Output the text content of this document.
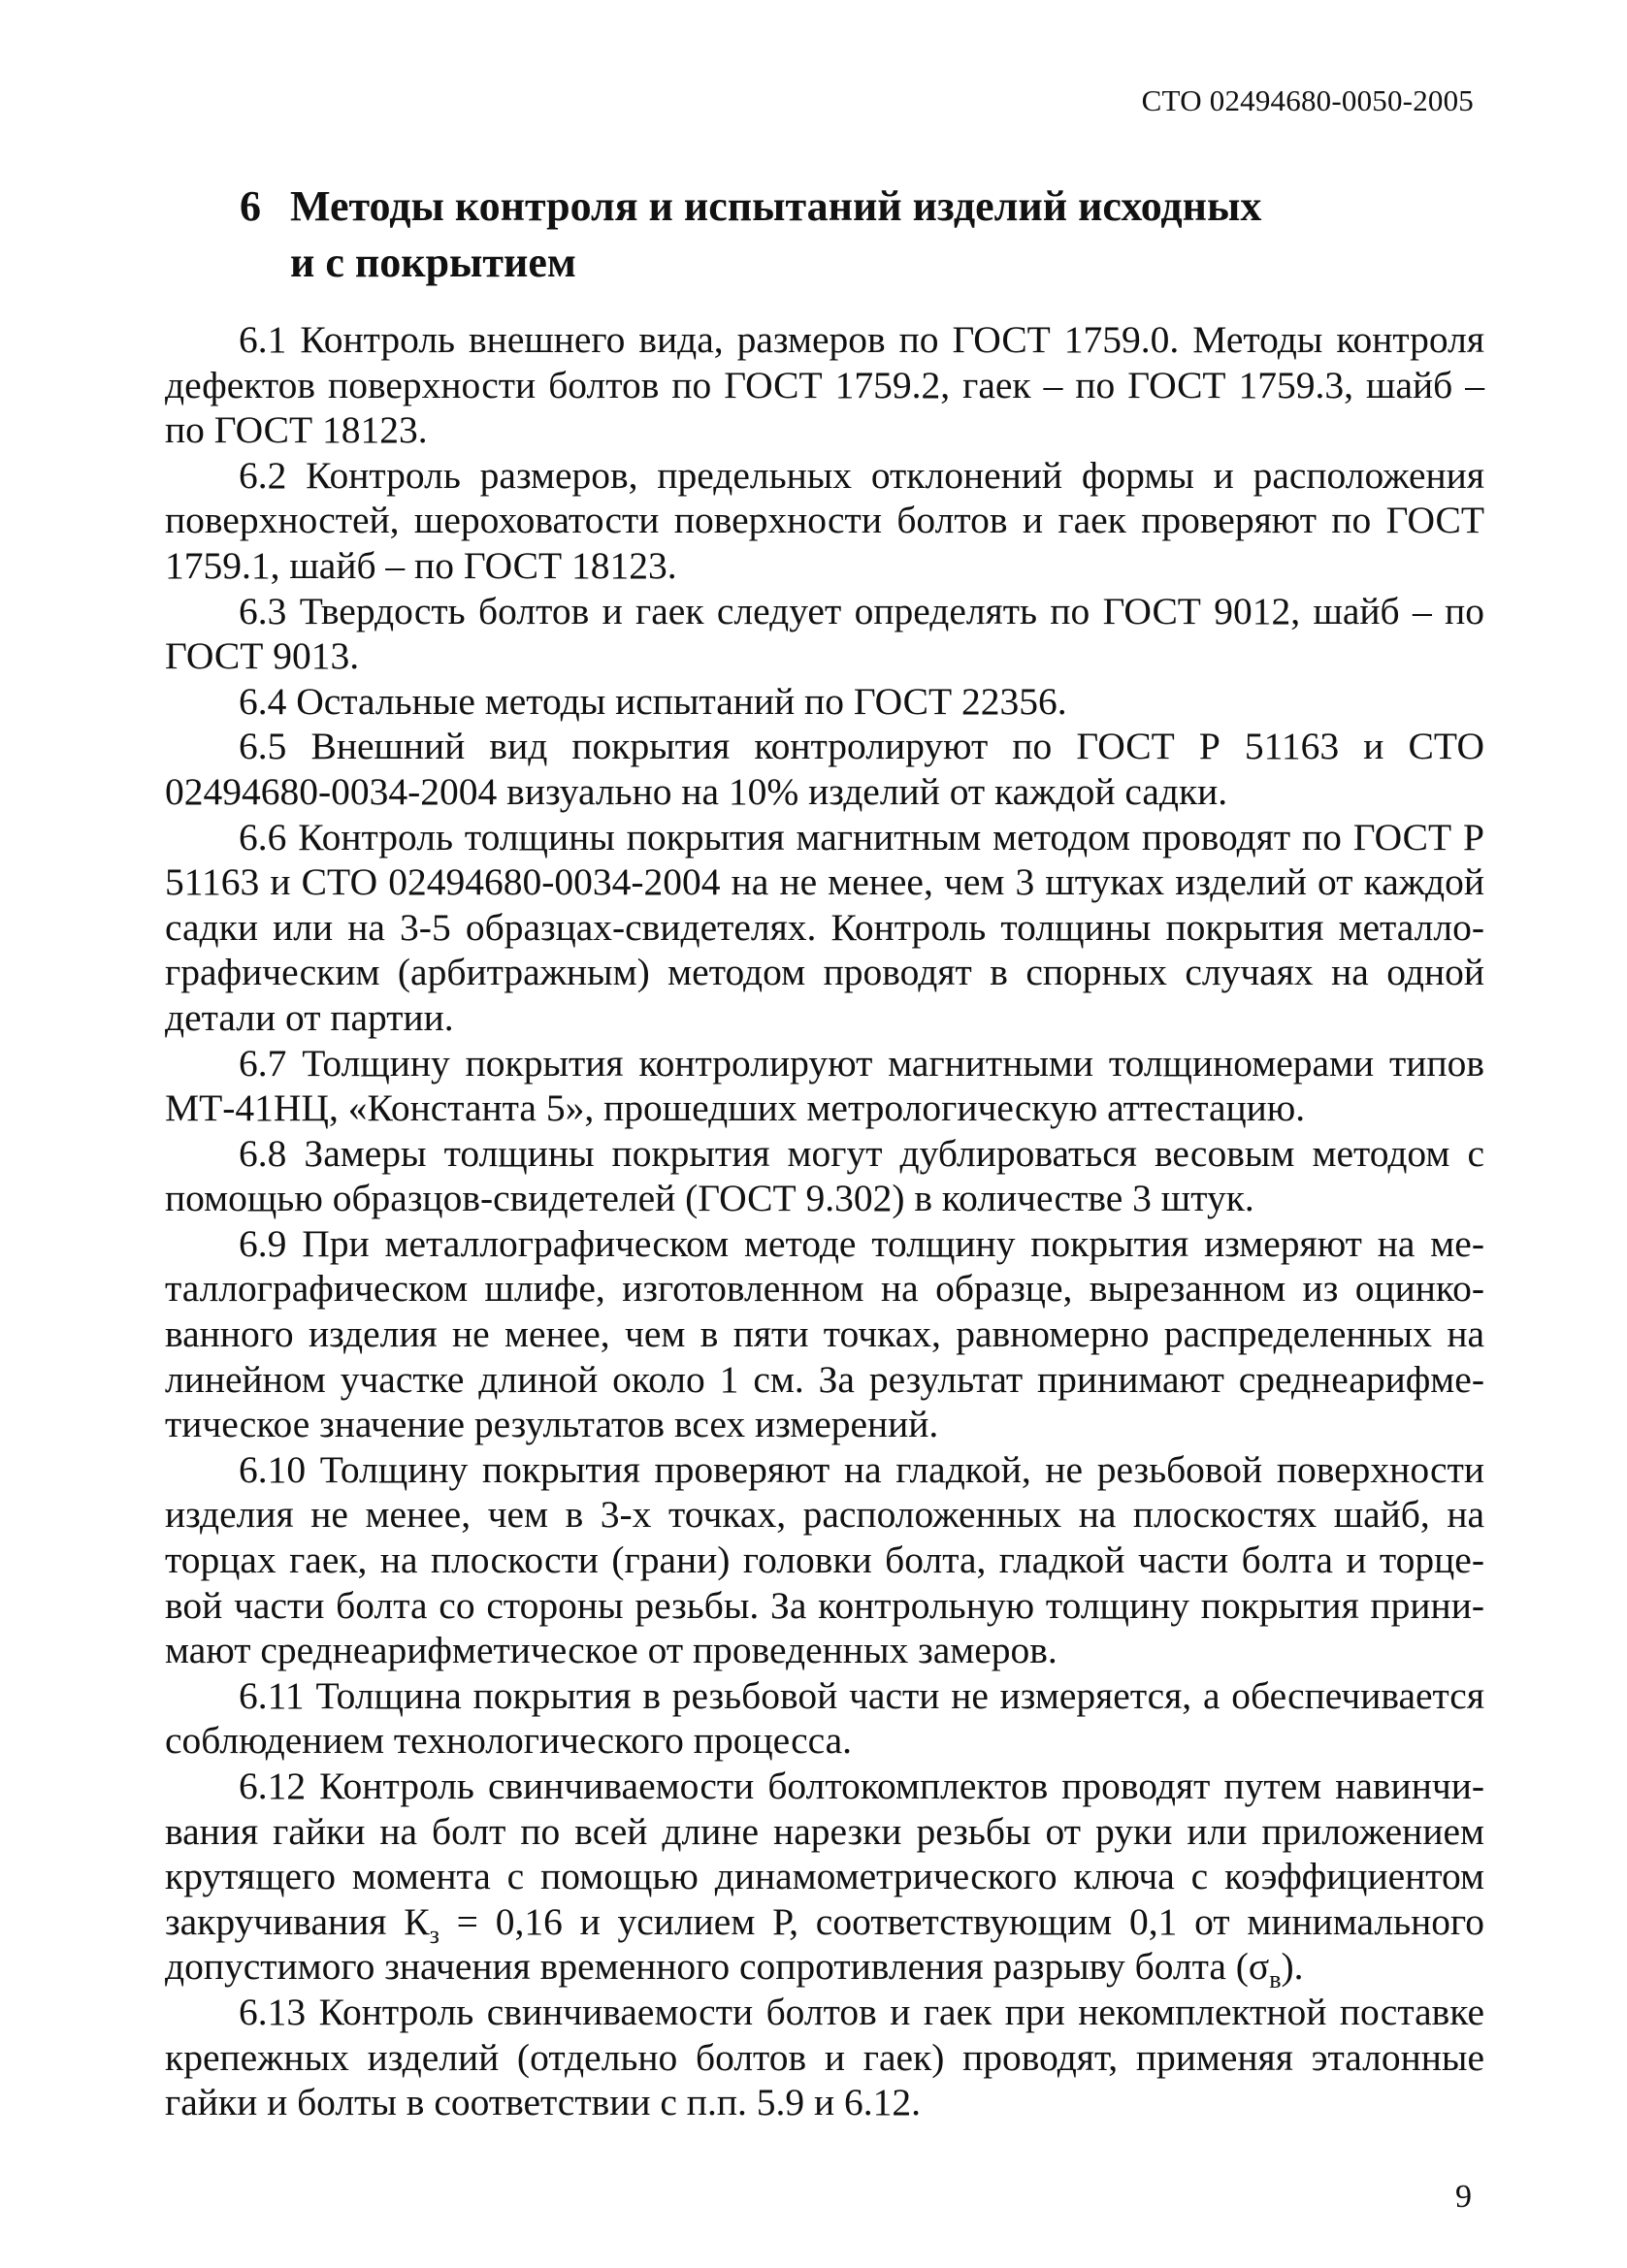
СТО 02494680-0050-2005
6 Методы контроля и испытаний изделий исходных
и с покрытием

6.1 Контроль внешнего вида, размеров по ГОСТ 1759.0. Методы контроля дефектов поверхности болтов по ГОСТ 1759.2, гаек – по ГОСТ 1759.3, шайб – по ГОСТ 18123.

6.2 Контроль размеров, предельных отклонений формы и расположения поверхностей, шероховатости поверхности болтов и гаек проверяют по ГОСТ 1759.1, шайб – по ГОСТ 18123.

6.3 Твердость болтов и гаек следует определять по ГОСТ 9012, шайб – по ГОСТ 9013.

6.4 Остальные методы испытаний по ГОСТ 22356.

6.5 Внешний вид покрытия контролируют по ГОСТ Р 51163 и СТО 02494680-0034-2004 визуально на 10% изделий от каждой садки.

6.6 Контроль толщины покрытия магнитным методом проводят по ГОСТ Р 51163 и СТО 02494680-0034-2004 на не менее, чем 3 штуках изделий от каждой садки или на 3-5 образцах-свидетелях. Контроль толщины покрытия металлографическим (арбитражным) методом проводят в спорных случаях на одной детали от партии.

6.7 Толщину покрытия контролируют магнитными толщиномерами типов МТ-41НЦ, «Константа 5», прошедших метрологическую аттестацию.

6.8 Замеры толщины покрытия могут дублироваться весовым методом с помощью образцов-свидетелей (ГОСТ 9.302) в количестве 3 штук.

6.9 При металлографическом методе толщину покрытия измеряют на металлографическом шлифе, изготовленном на образце, вырезанном из оцинкованного изделия не менее, чем в пяти точках, равномерно распределенных на линейном участке длиной около 1 см. За результат принимают среднеарифметическое значение результатов всех измерений.

6.10 Толщину покрытия проверяют на гладкой, не резьбовой поверхности изделия не менее, чем в 3-х точках, расположенных на плоскостях шайб, на торцах гаек, на плоскости (грани) головки болта, гладкой части болта и торцевой части болта со стороны резьбы. За контрольную толщину покрытия принимают среднеарифметическое от проведенных замеров.

6.11 Толщина покрытия в резьбовой части не измеряется, а обеспечивается соблюдением технологического процесса.

6.12 Контроль свинчиваемости болтокомплектов проводят путем навинчивания гайки на болт по всей длине нарезки резьбы от руки или приложением крутящего момента с помощью динамометрического ключа с коэффициентом закручивания $К_з = 0,16$ и усилием Р, соответствующим 0,1 от минимального допустимого значения временного сопротивления разрыву болта $(\sigma_в)$.

6.13 Контроль свинчиваемости болтов и гаек при некомплектной поставке крепежных изделий (отдельно болтов и гаек) проводят, применяя эталонные гайки и болты в соответствии с п.п. 5.9 и 6.12.

9
